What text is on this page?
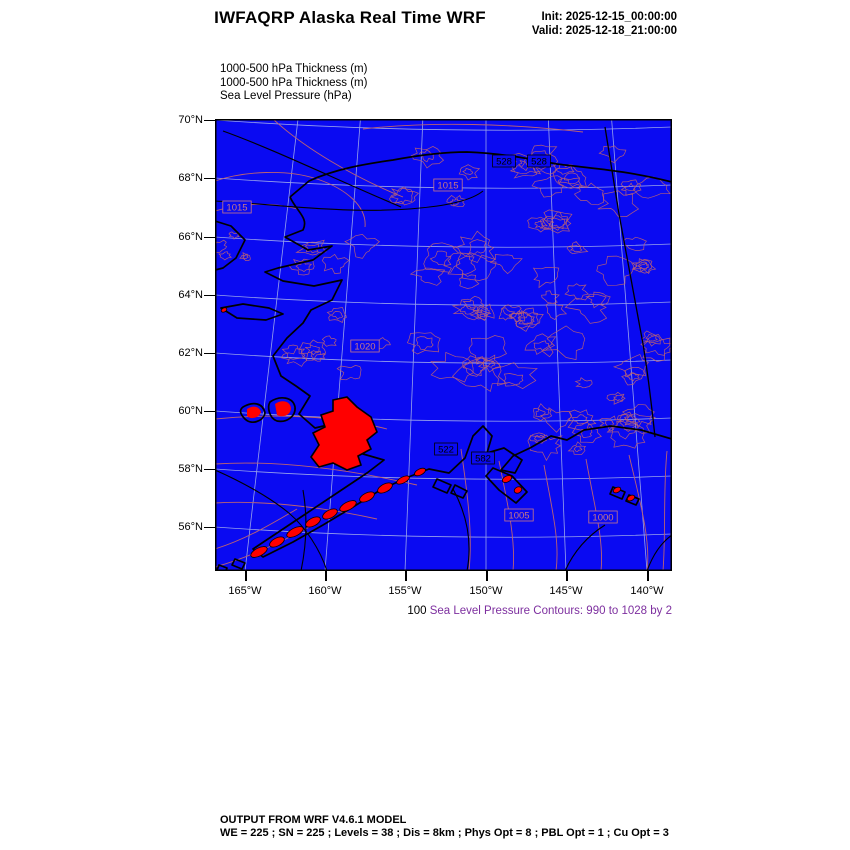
IWFAQRP Alaska Real Time WRF	Init: 2025-12-15_00:00:00
Valid: 2025-12-18_21:00:00
1000-500 hPa Thickness (m)
1000-500 hPa Thickness (m)
Sea Level Pressure (hPa)
1015
1015
1020
1005	1000
528 528
522
582
70°N
68°N
66°N
64°N
62°N
60°N
58°N
56°N
165°W	160°W	155°W	150°W	145°W	140°W
100 Sea Level Pressure Contours: 990 to 1028 by 2
OUTPUT FROM WRF V4.6.1 MODEL
WE = 225 ; SN = 225 ; Levels = 38 ; Dis = 8km ; Phys Opt = 8 ; PBL Opt = 1 ; Cu Opt = 3
